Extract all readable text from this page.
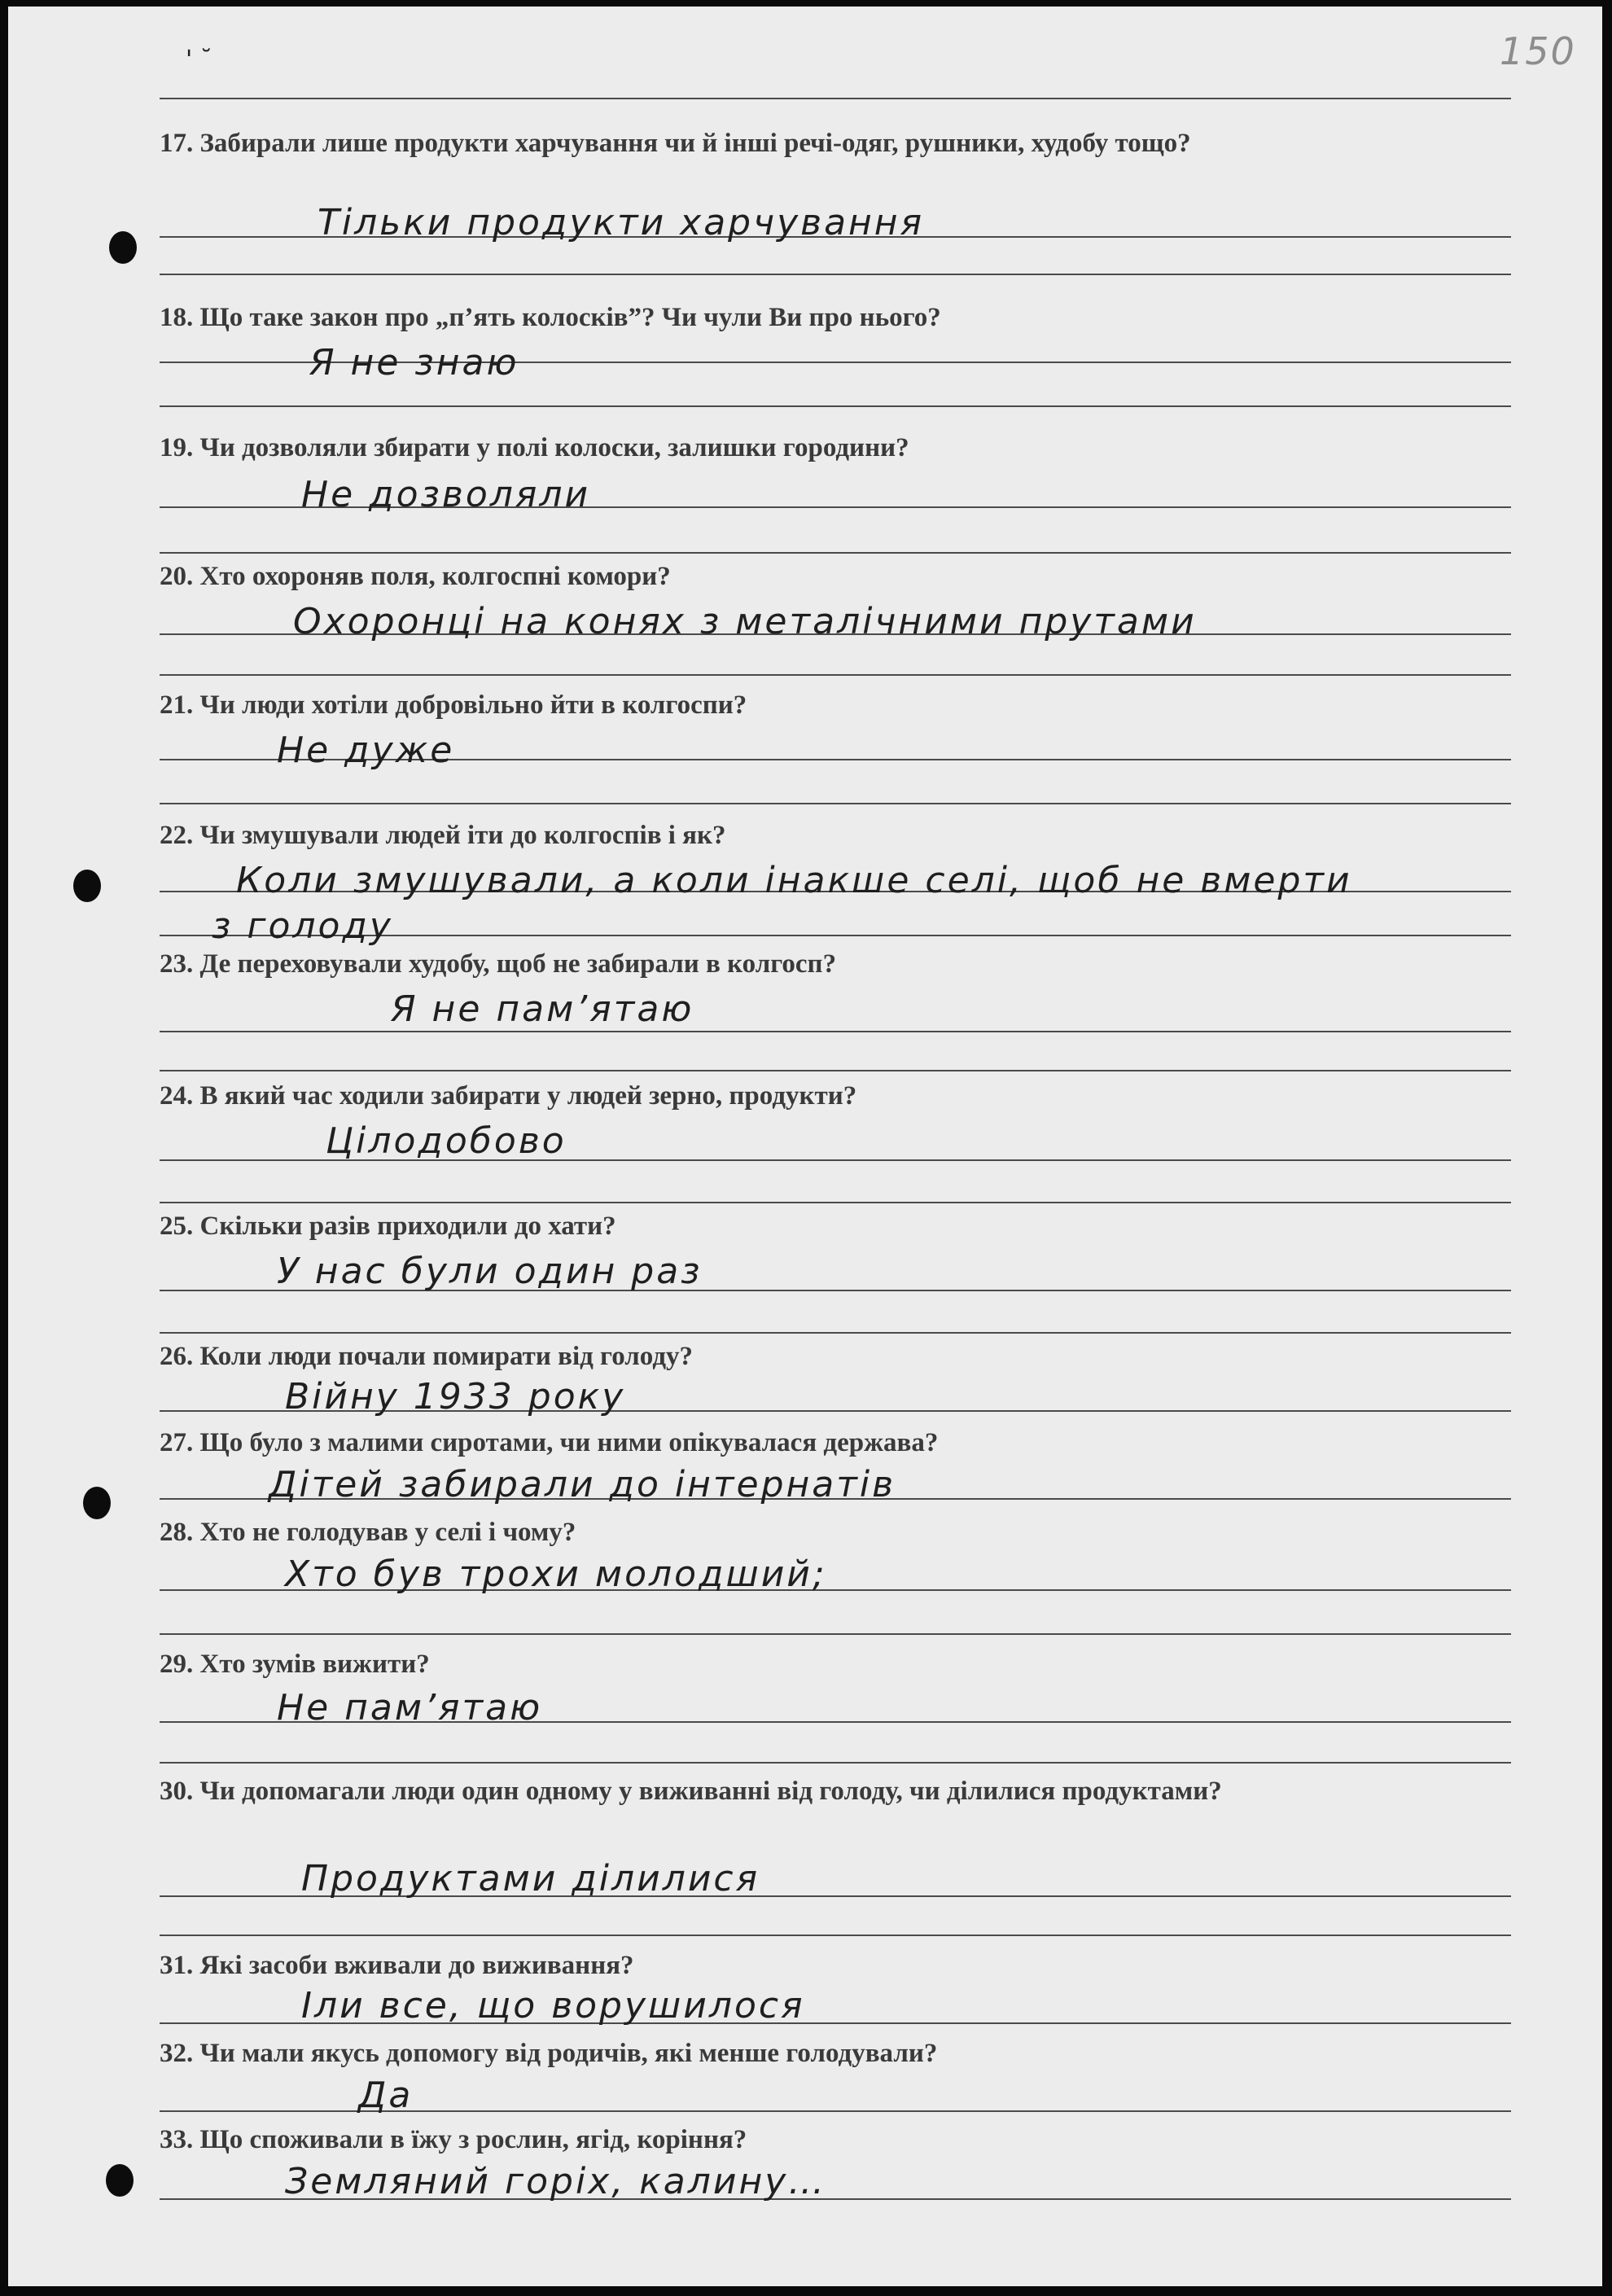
150
' ˘
17. Забирали лише продукти харчування чи й інші речі-одяг, рушники, худобу тощо?
Тільки продукти харчування
18. Що таке закон про „п’ять колосків”? Чи чули Ви про нього?
Я не знаю
19. Чи дозволяли збирати у полі колоски, залишки городини?
Не дозволяли
20. Хто охороняв поля, колгоспні комори?
Охоронці на конях з металічними прутами
21. Чи люди хотіли добровільно йти в колгоспи?
Не дуже
22. Чи змушували людей іти до колгоспів і як?
Коли змушували, а коли інакше селі, щоб не вмерти
з голоду
23. Де переховували худобу, щоб не забирали в колгосп?
Я не пам’ятаю
24. В який час ходили забирати у людей зерно, продукти?
Цілодобово
25. Скільки разів приходили до хати?
У нас були один раз
26. Коли люди почали помирати від голоду?
Війну 1933 року
27. Що було з малими сиротами, чи ними опікувалася держава?
Дітей забирали до інтернатів
28. Хто не голодував у селі і чому?
Хто був трохи молодший;
29. Хто зумів вижити?
Не пам’ятаю
30. Чи допомагали люди один одному у виживанні від голоду, чи ділилися продуктами?
Продуктами ділилися
31. Які засоби вживали до виживання?
Іли все, що ворушилося
32. Чи мали якусь допомогу від родичів, які менше голодували?
Да
33. Що споживали в їжу з рослин, ягід, коріння?
Земляний горіх, калину…
